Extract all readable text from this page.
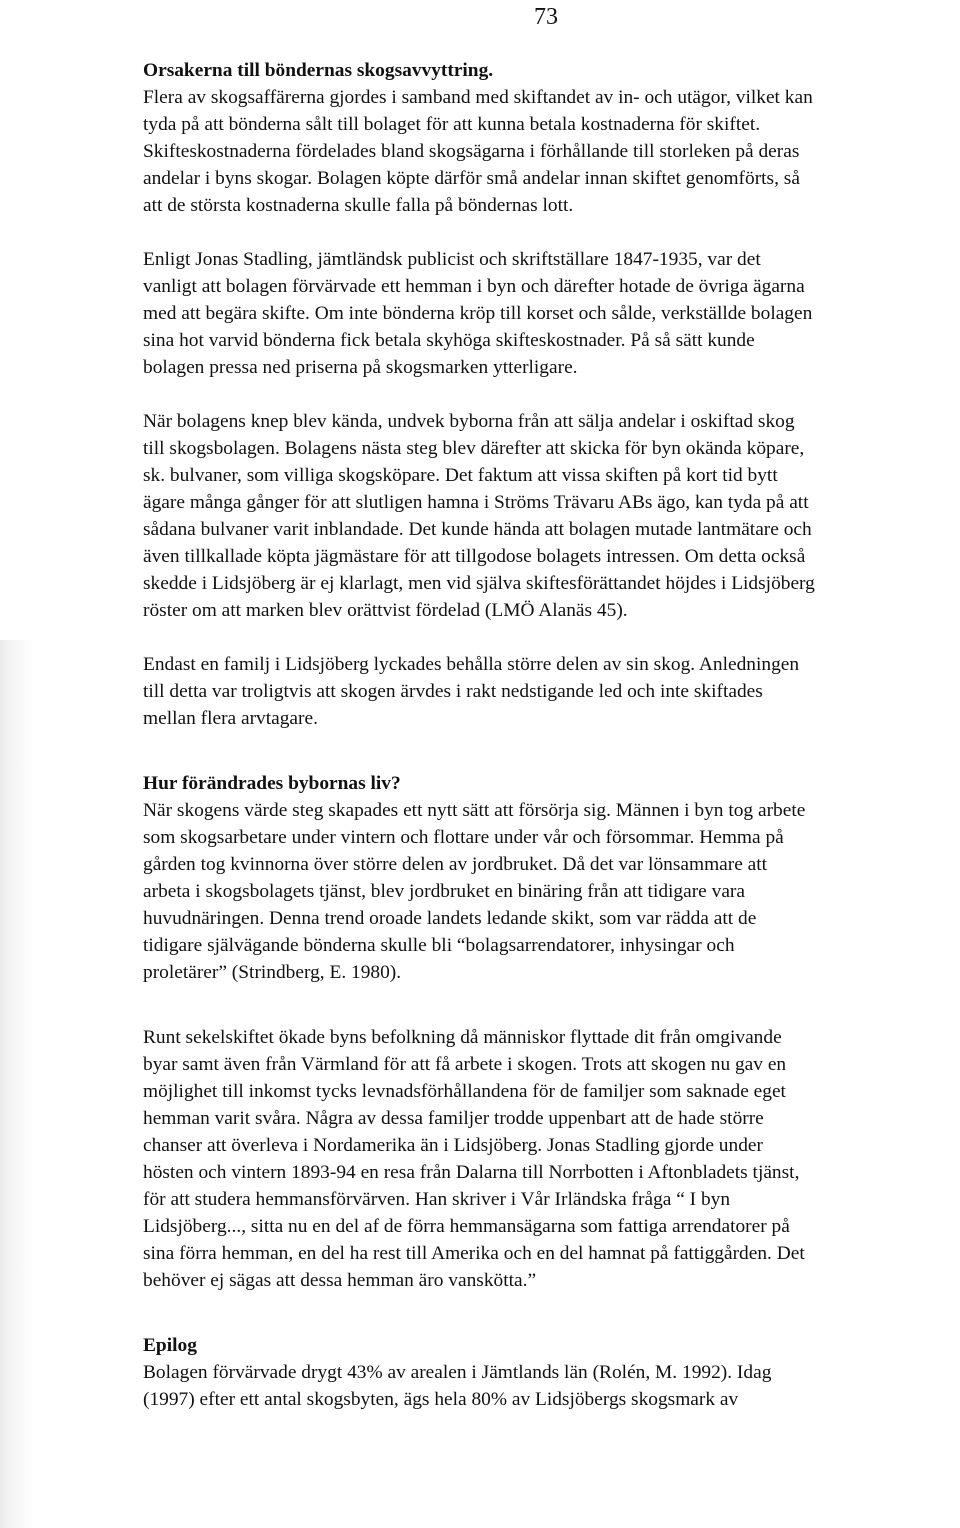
73

Orsakerna till böndernas skogsavvyttring.

Flera av skogsaffärerna gjordes i samband med skiftandet av in- och utägor, vilket kan
tyda på att bönderna sålt till bolaget för att kunna betala kostnaderna för skiftet.
Skifteskostnaderna fördelades bland skogsägarna i förhållande till storleken på deras
andelar i byns skogar. Bolagen köpte därför små andelar innan skiftet genomförts, så
att de största kostnaderna skulle falla på böndernas lott.

Enligt Jonas Stadling, jämtländsk publicist och skriftställare 1847-1935, var det
vanligt att bolagen förvärvade ett hemman i byn och därefter hotade de övriga ägarna
med att begära skifte. Om inte bönderna kröp till korset och sålde, verkställde bolagen
sina hot varvid bönderna fick betala skyhöga skifteskostnader. På så sätt kunde
bolagen pressa ned priserna på skogsmarken ytterligare.

När bolagens knep blev kända, undvek byborna från att sälja andelar i oskiftad skog
till skogsbolagen. Bolagens nästa steg blev därefter att skicka för byn okända köpare,
sk. bulvaner, som villiga skogsköpare. Det faktum att vissa skiften på kort tid bytt
ägare många gånger för att slutligen hamna i Ströms Trävaru ABs ägo, kan tyda på att
sådana bulvaner varit inblandade. Det kunde hända att bolagen mutade lantmätare och
även tillkallade köpta jägmästare för att tillgodose bolagets intressen. Om detta också
skedde i Lidsjöberg är ej klarlagt, men vid själva skiftesförättandet höjdes i Lidsjöberg
röster om att marken blev orättvist fördelad (LMÖ Alanäs 45).

Endast en familj i Lidsjöberg lyckades behålla större delen av sin skog. Anledningen
till detta var troligtvis att skogen ärvdes i rakt nedstigande led och inte skiftades
mellan flera arvtagare.

Hur förändrades bybornas liv?

När skogens värde steg skapades ett nytt sätt att försörja sig. Männen i byn tog arbete
som skogsarbetare under vintern och flottare under vår och försommar. Hemma på
gården tog kvinnorna över större delen av jordbruket. Då det var lönsammare att
arbeta i skogsbolagets tjänst, blev jordbruket en binäring från att tidigare vara
huvudnäringen. Denna trend oroade landets ledande skikt, som var rädda att de
tidigare självägande bönderna skulle bli “bolagsarrendatorer, inhysingar och
proletärer” (Strindberg, E. 1980).

Runt sekelskiftet ökade byns befolkning då människor flyttade dit från omgivande
byar samt även från Värmland för att få arbete i skogen. Trots att skogen nu gav en
möjlighet till inkomst tycks levnadsförhållandena för de familjer som saknade eget
hemman varit svåra. Några av dessa familjer trodde uppenbart att de hade större
chanser att överleva i Nordamerika än i Lidsjöberg. Jonas Stadling gjorde under
hösten och vintern 1893-94 en resa från Dalarna till Norrbotten i Aftonbladets tjänst,
för att studera hemmansförvärven. Han skriver i Vår Irländska fråga “ I byn
Lidsjöberg..., sitta nu en del af de förra hemmansägarna som fattiga arrendatorer på
sina förra hemman, en del ha rest till Amerika och en del hamnat på fattiggården. Det
behöver ej sägas att dessa hemman äro vanskötta.”

Epilog

Bolagen förvärvade drygt 43% av arealen i Jämtlands län (Rolén, M. 1992). Idag
(1997) efter ett antal skogsbyten, ägs hela 80% av Lidsjöbergs skogsmark av
